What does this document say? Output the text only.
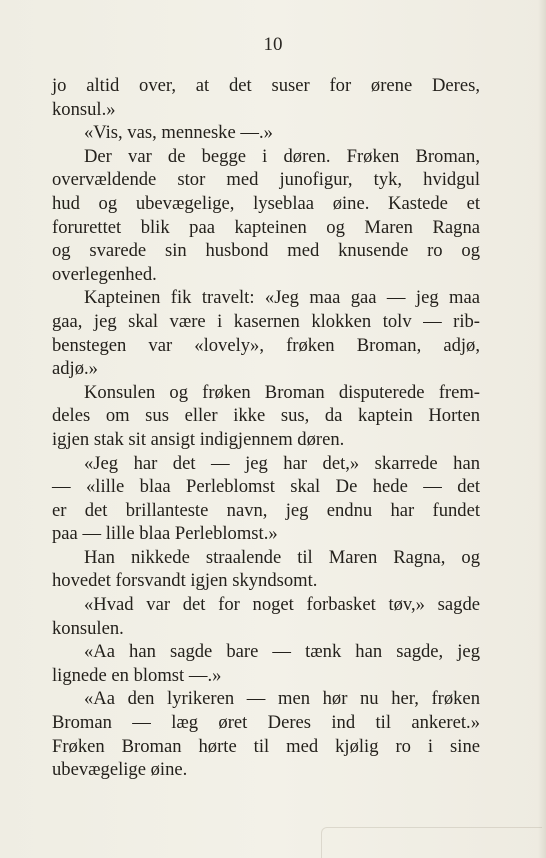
10
jo altid over, at det suser for ørene Deres,
konsul.»
«Vis, vas, menneske —.»
Der var de begge i døren. Frøken Broman,
overvældende stor med junofigur, tyk, hvidgul
hud og ubevægelige, lyseblaa øine. Kastede et
forurettet blik paa kapteinen og Maren Ragna
og svarede sin husbond med knusende ro og
overlegenhed.
Kapteinen fik travelt: «Jeg maa gaa — jeg maa
gaa, jeg skal være i kasernen klokken tolv — rib-
benstegen var «lovely», frøken Broman, adjø,
adjø.»
Konsulen og frøken Broman disputerede frem-
deles om sus eller ikke sus, da kaptein Horten
igjen stak sit ansigt indigjennem døren.
«Jeg har det — jeg har det,» skarrede han
— «lille blaa Perleblomst skal De hede — det
er det brillanteste navn, jeg endnu har fundet
paa — lille blaa Perleblomst.»
Han nikkede straalende til Maren Ragna, og
hovedet forsvandt igjen skyndsomt.
«Hvad var det for noget forbasket tøv,» sagde
konsulen.
«Aa han sagde bare — tænk han sagde, jeg
lignede en blomst —.»
«Aa den lyrikeren — men hør nu her, frøken
Broman — læg øret Deres ind til ankeret.»
Frøken Broman hørte til med kjølig ro i sine
ubevægelige øine.
